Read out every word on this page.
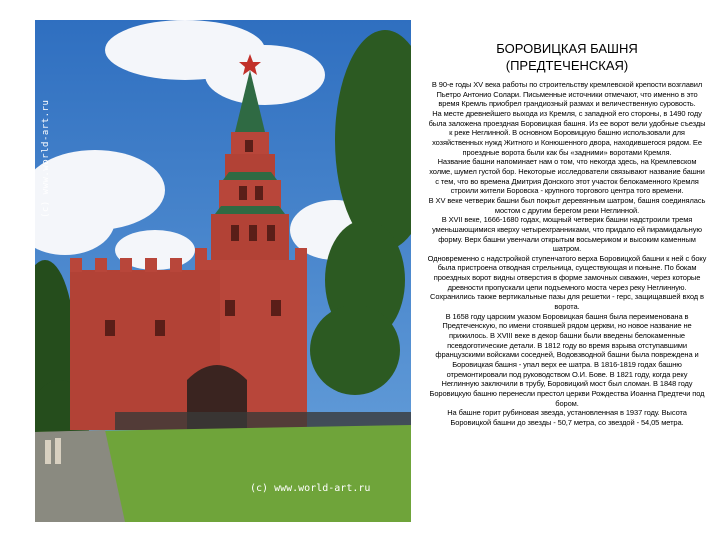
(c) www.world-art.ru
(c) www.world-art.ru
БОРОВИЦКАЯ БАШНЯ
(ПРЕДТЕЧЕНСКАЯ)

В 90-е годы XV века работы по строительству кремлевской крепости возглавил Пьетро Антонио Солари. Письменные источники отмечают, что именно в это время Кремль приобрел грандиозный размах и величественную суровость.

На месте древнейшего выхода из Кремля, с западной его стороны, в 1490 году была заложена проездная Боровицкая башня. Из ее ворот вели удобные съезды к реке Неглинной. В основном Боровицкую башню использовали для хозяйственных нужд Житного и Конюшенного двора, находившегося рядом. Ее проездные ворота были как бы «задними» воротами Кремля.

Название башни напоминает нам о том, что некогда здесь, на Кремлевском холме, шумел густой бор. Некоторые исследователи связывают название башни с тем, что во времена Дмитрия Донского этот участок белокаменного Кремля строили жители Боровска - крупного торгового центра того времени.

В XV веке четверик башни был покрыт деревянным шатром, башня соединялась мостом с другим берегом реки Неглинной.

В XVII веке, 1666-1680 годах, мощный четверик башни надстроили тремя уменьшающимися кверху четырехгранниками, что придало ей пирамидальную форму. Верх башни увенчали открытым восьмериком и высоким каменным шатром.

Одновременно с надстройкой ступенчатого верха Боровицкой башни к ней с боку была пристроена отводная стрельница, существующая и поныне. По бокам проездных ворот видны отверстия в форме замочных скважин, через которые древности пропускали цепи подъемного моста через реку Неглинную. Сохранились также вертикальные пазы для решетки - герс, защищавшей вход в ворота.

В 1658 году царским указом Боровицкая башня была переименована в Предтеченскую, по имени стоявшей рядом церкви, но новое название не прижилось. В XVIII веке в декор башни были введены белокаменные псевдоготические детали. В 1812 году во время взрыва отступавшими французскими войсками соседней, Водовзводной башни была повреждена и Боровицкая башня - упал верх ее шатра. В 1816-1819 годах башню отремонтировали под руководством О.И. Бове. В 1821 году, когда реку Неглинную заключили в трубу, Боровицкий мост был сломан. В 1848 году Боровицкую башню перенесли престол церкви Рождества Иоанна Предтечи под бором.

На башне горит рубиновая звезда, установленная в 1937 году. Высота Боровицкой башни до звезды - 50,7 метра, со звездой - 54,05 метра.
